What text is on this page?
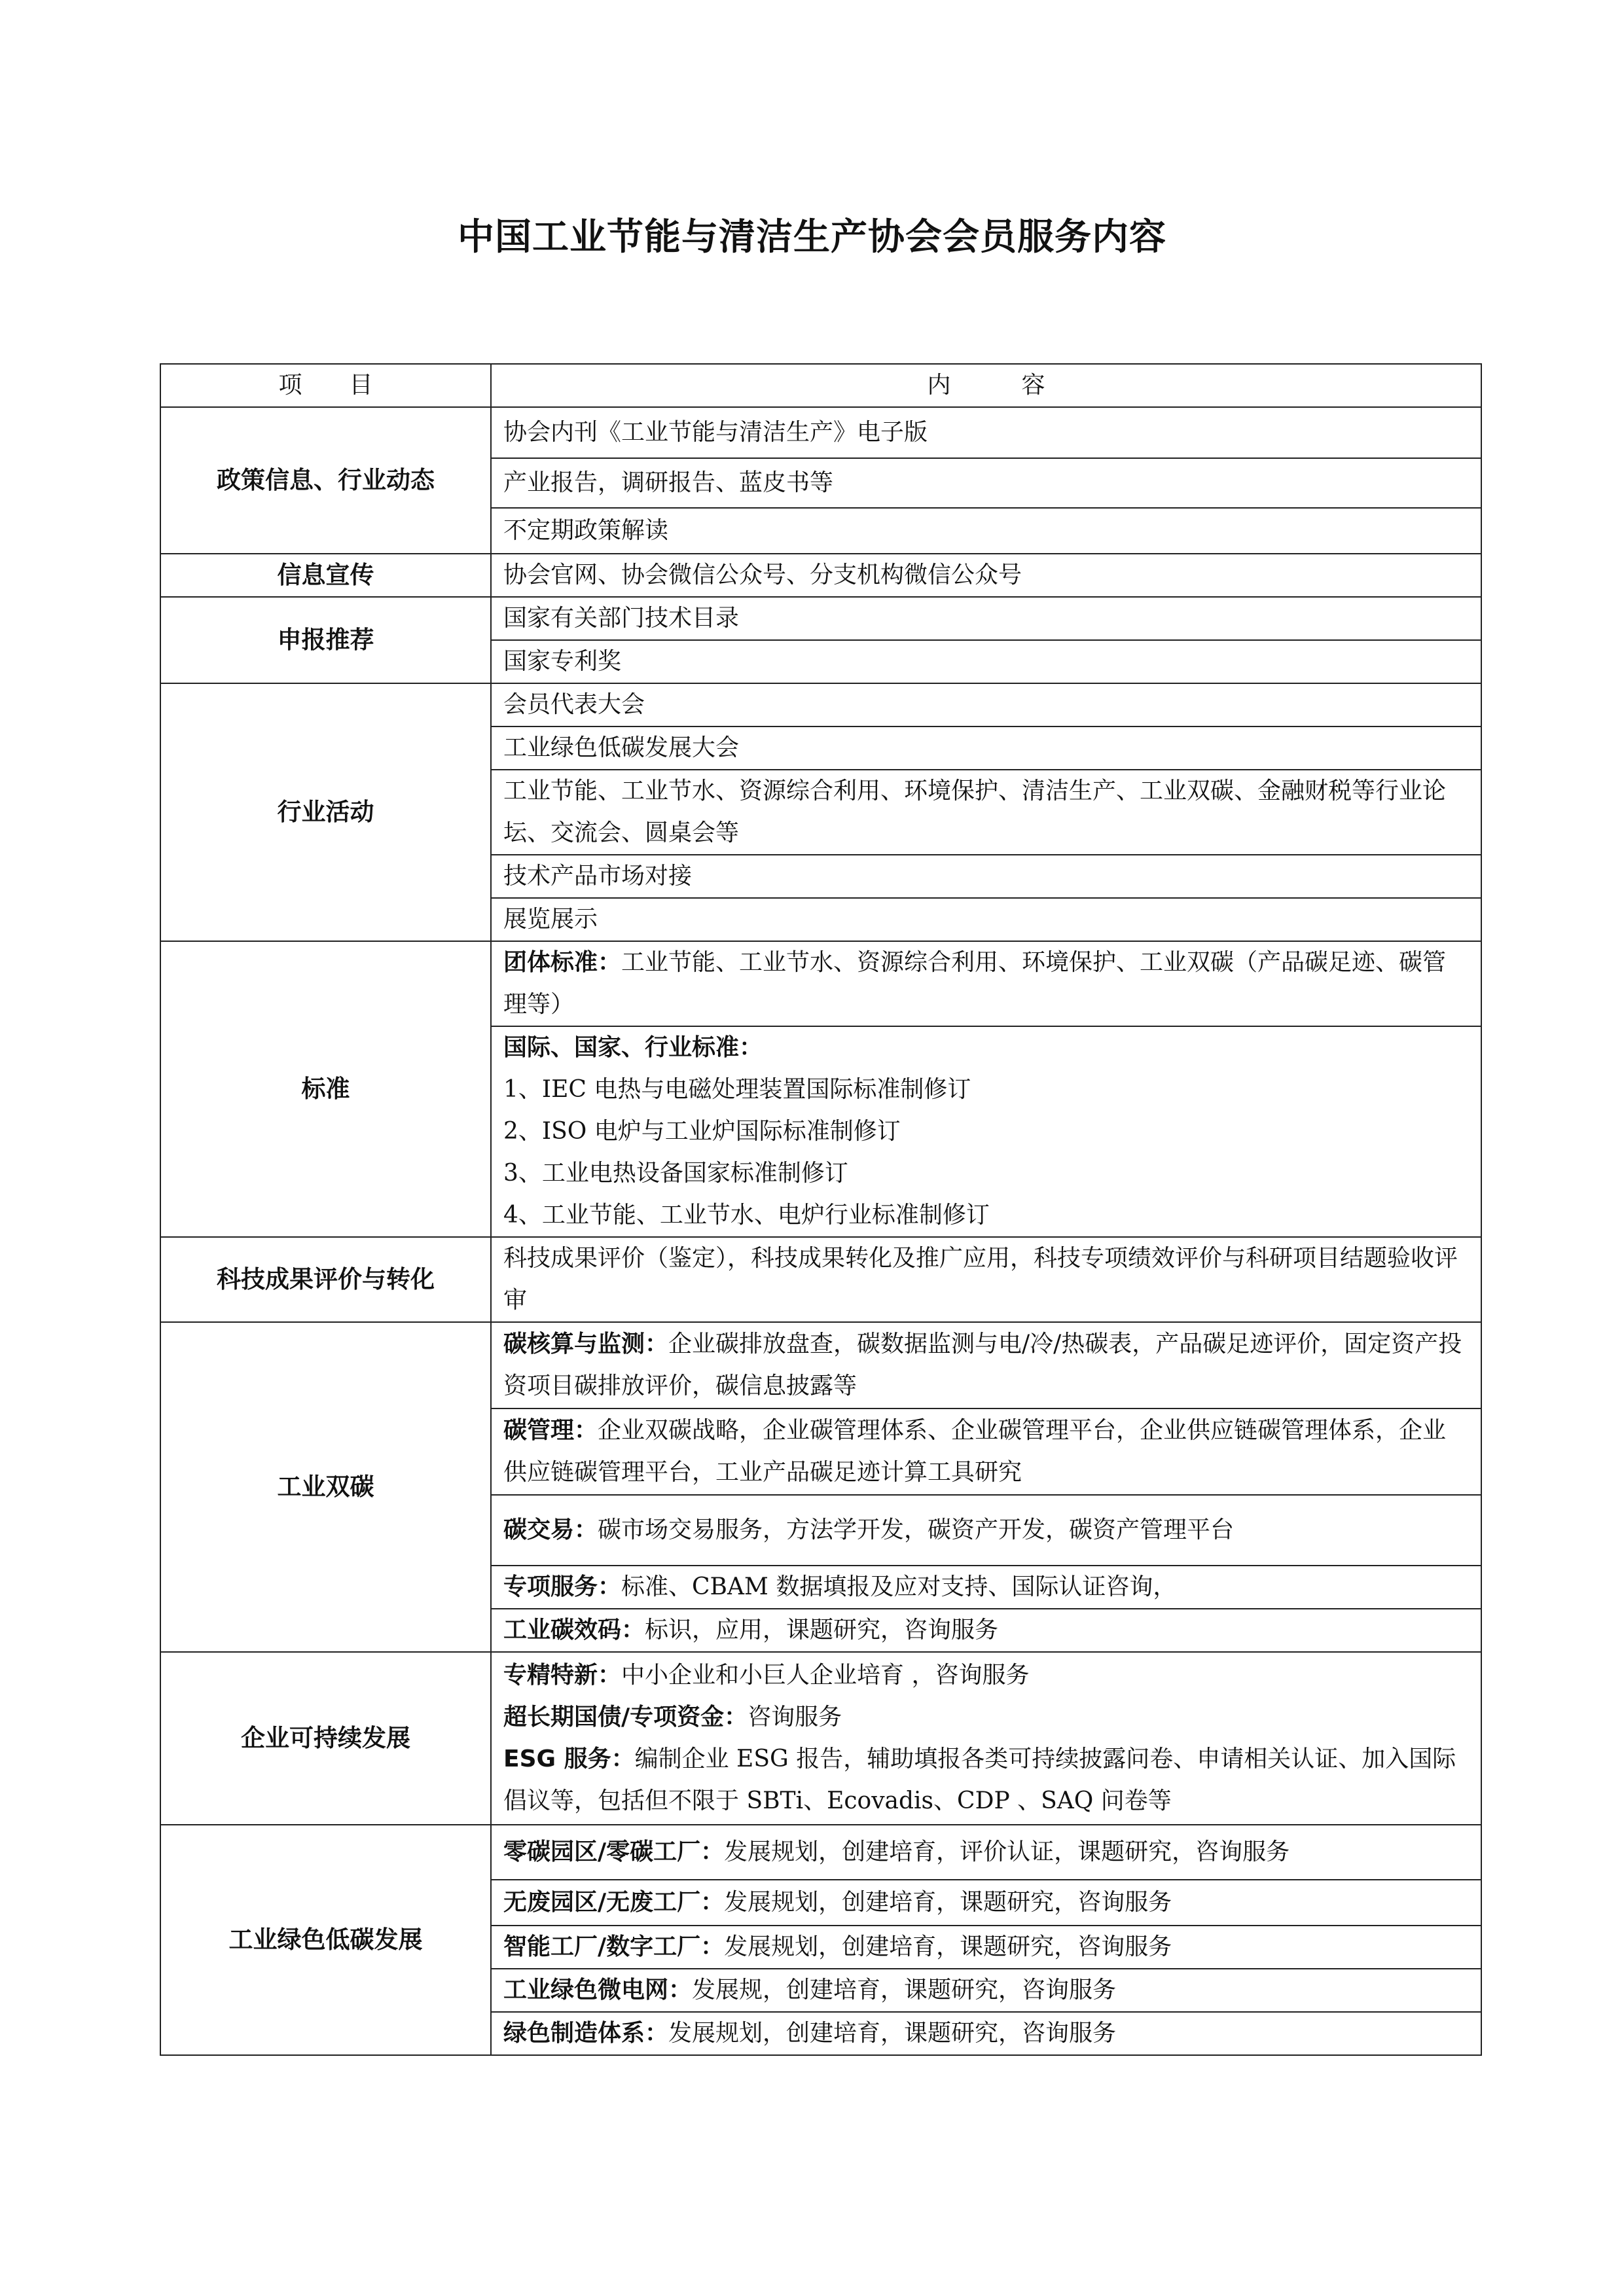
中国工业节能与清洁生产协会会员服务内容
项　　目	内　　　容
政策信息、行业动态	协会内刊《工业节能与清洁生产》电子版
	产业报告，调研报告、蓝皮书等
	不定期政策解读
信息宣传	协会官网、协会微信公众号、分支机构微信公众号
申报推荐	国家有关部门技术目录
	国家专利奖
行业活动	会员代表大会
	工业绿色低碳发展大会
	工业节能、工业节水、资源综合利用、环境保护、清洁生产、工业双碳、金融财税等行业论坛、交流会、圆桌会等
	技术产品市场对接
	展览展示
标准	团体标准：工业节能、工业节水、资源综合利用、环境保护、工业双碳（产品碳足迹、碳管理等）

	国际、国家、行业标准：
1、IEC 电热与电磁处理装置国际标准制修订
2、ISO 电炉与工业炉国际标准制修订
3、工业电热设备国家标准制修订
4、工业节能、工业节水、电炉行业标准制修订

科技成果评价与转化	科技成果评价（鉴定），科技成果转化及推广应用，科技专项绩效评价与科研项目结题验收评审
工业双碳	碳核算与监测：企业碳排放盘查，碳数据监测与电/冷/热碳表，产品碳足迹评价，固定资产投资项目碳排放评价，碳信息披露等
	碳管理：企业双碳战略，企业碳管理体系、企业碳管理平台，企业供应链碳管理体系，企业供应链碳管理平台，工业产品碳足迹计算工具研究
	碳交易：碳市场交易服务，方法学开发，碳资产开发，碳资产管理平台
	专项服务：标准、CBAM 数据填报及应对支持、国际认证咨询，
	工业碳效码：标识，应用，课题研究，咨询服务
企业可持续发展	专精特新：中小企业和小巨人企业培育 ，咨询服务
超长期国债/专项资金：咨询服务
ESG 服务：编制企业 ESG 报告，辅助填报各类可持续披露问卷、申请相关认证、加入国际倡议等，包括但不限于 SBTi、Ecovadis、CDP 、SAQ 问卷等

工业绿色低碳发展	零碳园区/零碳工厂：发展规划，创建培育，评价认证，课题研究，咨询服务
	无废园区/无废工厂：发展规划，创建培育，课题研究，咨询服务
	智能工厂/数字工厂：发展规划，创建培育，课题研究，咨询服务
	工业绿色微电网：发展规，创建培育，课题研究，咨询服务
	绿色制造体系：发展规划，创建培育，课题研究，咨询服务
